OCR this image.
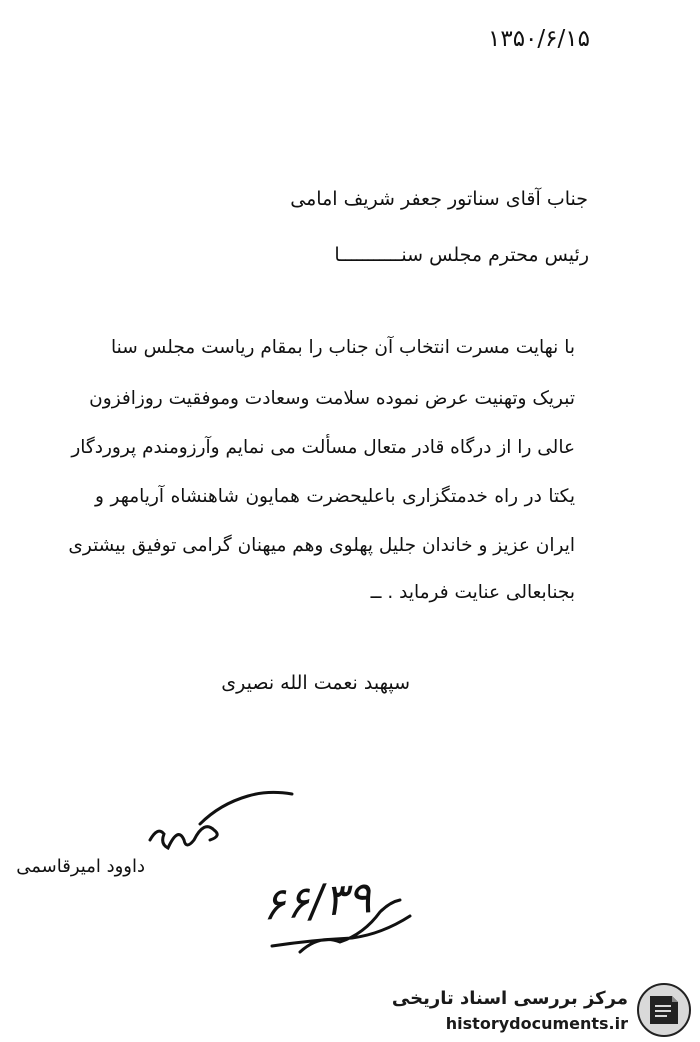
۱۳۵۰/۶/۱۵
جناب آقای سناتور جعفر شریف امامی
رئیس محترم مجلس سنـــــــــــا
با نهایت مسرت انتخاب آن جناب را بمقام ریاست مجلس سنا
تبریک وتهنیت عرض نموده سلامت وسعادت وموفقیت روزافزون
عالی را از درگاه قادر متعال مسألت می نمایم وآرزومندم پروردگار
یکتا در راه خدمتگزاری باعلیحضرت همایون شاهنشاه آریامهر و
ایران عزیز و خاندان جلیل پهلوی وهم میهنان گرامی توفیق بیشتری
بجنابعالی عنایت فرماید . ــ
سپهبد نعمت الله نصیری
داوود امیرقاسمی
۶۶/۳۹
مرکز بررسی اسناد تاریخی
historydocuments.ir
